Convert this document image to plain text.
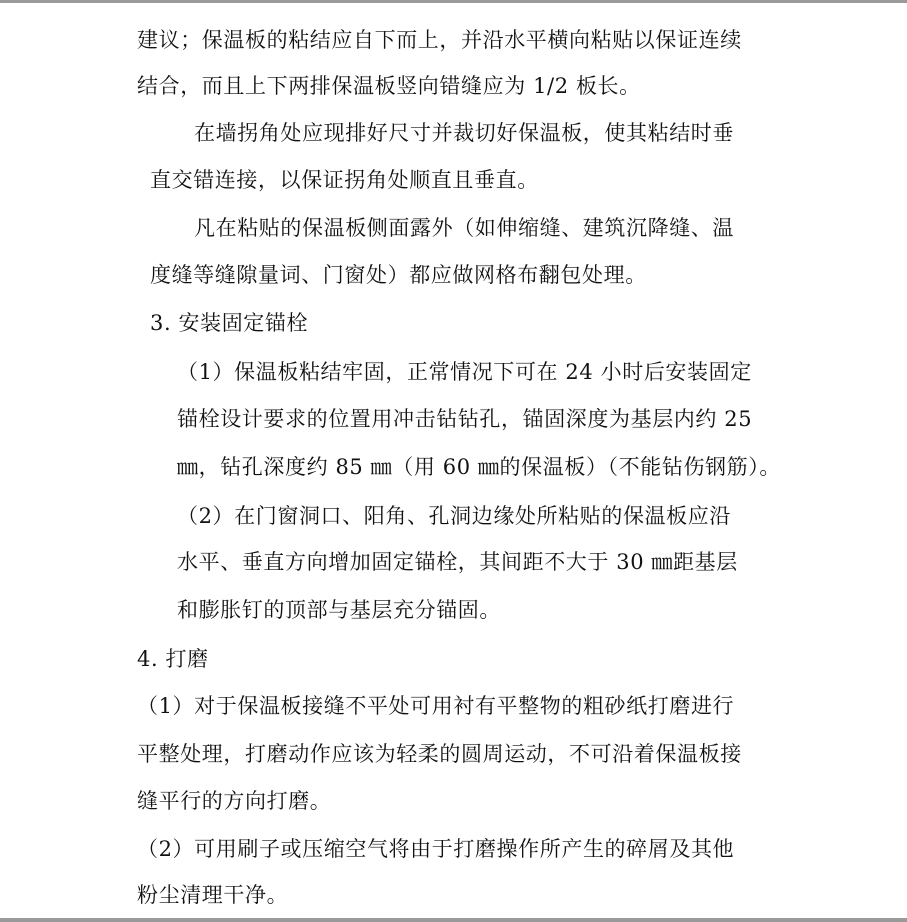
建议；保温板的粘结应自下而上，并沿水平横向粘贴以保证连续
结合，而且上下两排保温板竖向错缝应为 1/2 板长。
在墙拐角处应现排好尺寸并裁切好保温板，使其粘结时垂
直交错连接，以保证拐角处顺直且垂直。
凡在粘贴的保温板侧面露外（如伸缩缝、建筑沉降缝、温
度缝等缝隙量词、门窗处）都应做网格布翻包处理。
3. 安装固定锚栓
（1）保温板粘结牢固，正常情况下可在 24 小时后安装固定
锚栓设计要求的位置用冲击钻钻孔，锚固深度为基层内约 25
㎜，钻孔深度约 85 ㎜（用 60 ㎜的保温板）（不能钻伤钢筋）。
（2）在门窗洞口、阳角、孔洞边缘处所粘贴的保温板应沿
水平、垂直方向增加固定锚栓，其间距不大于 30 ㎜距基层
和膨胀钉的顶部与基层充分锚固。
4. 打磨
（1）对于保温板接缝不平处可用衬有平整物的粗砂纸打磨进行
平整处理，打磨动作应该为轻柔的圆周运动，不可沿着保温板接
缝平行的方向打磨。
（2）可用刷子或压缩空气将由于打磨操作所产生的碎屑及其他
粉尘清理干净。
